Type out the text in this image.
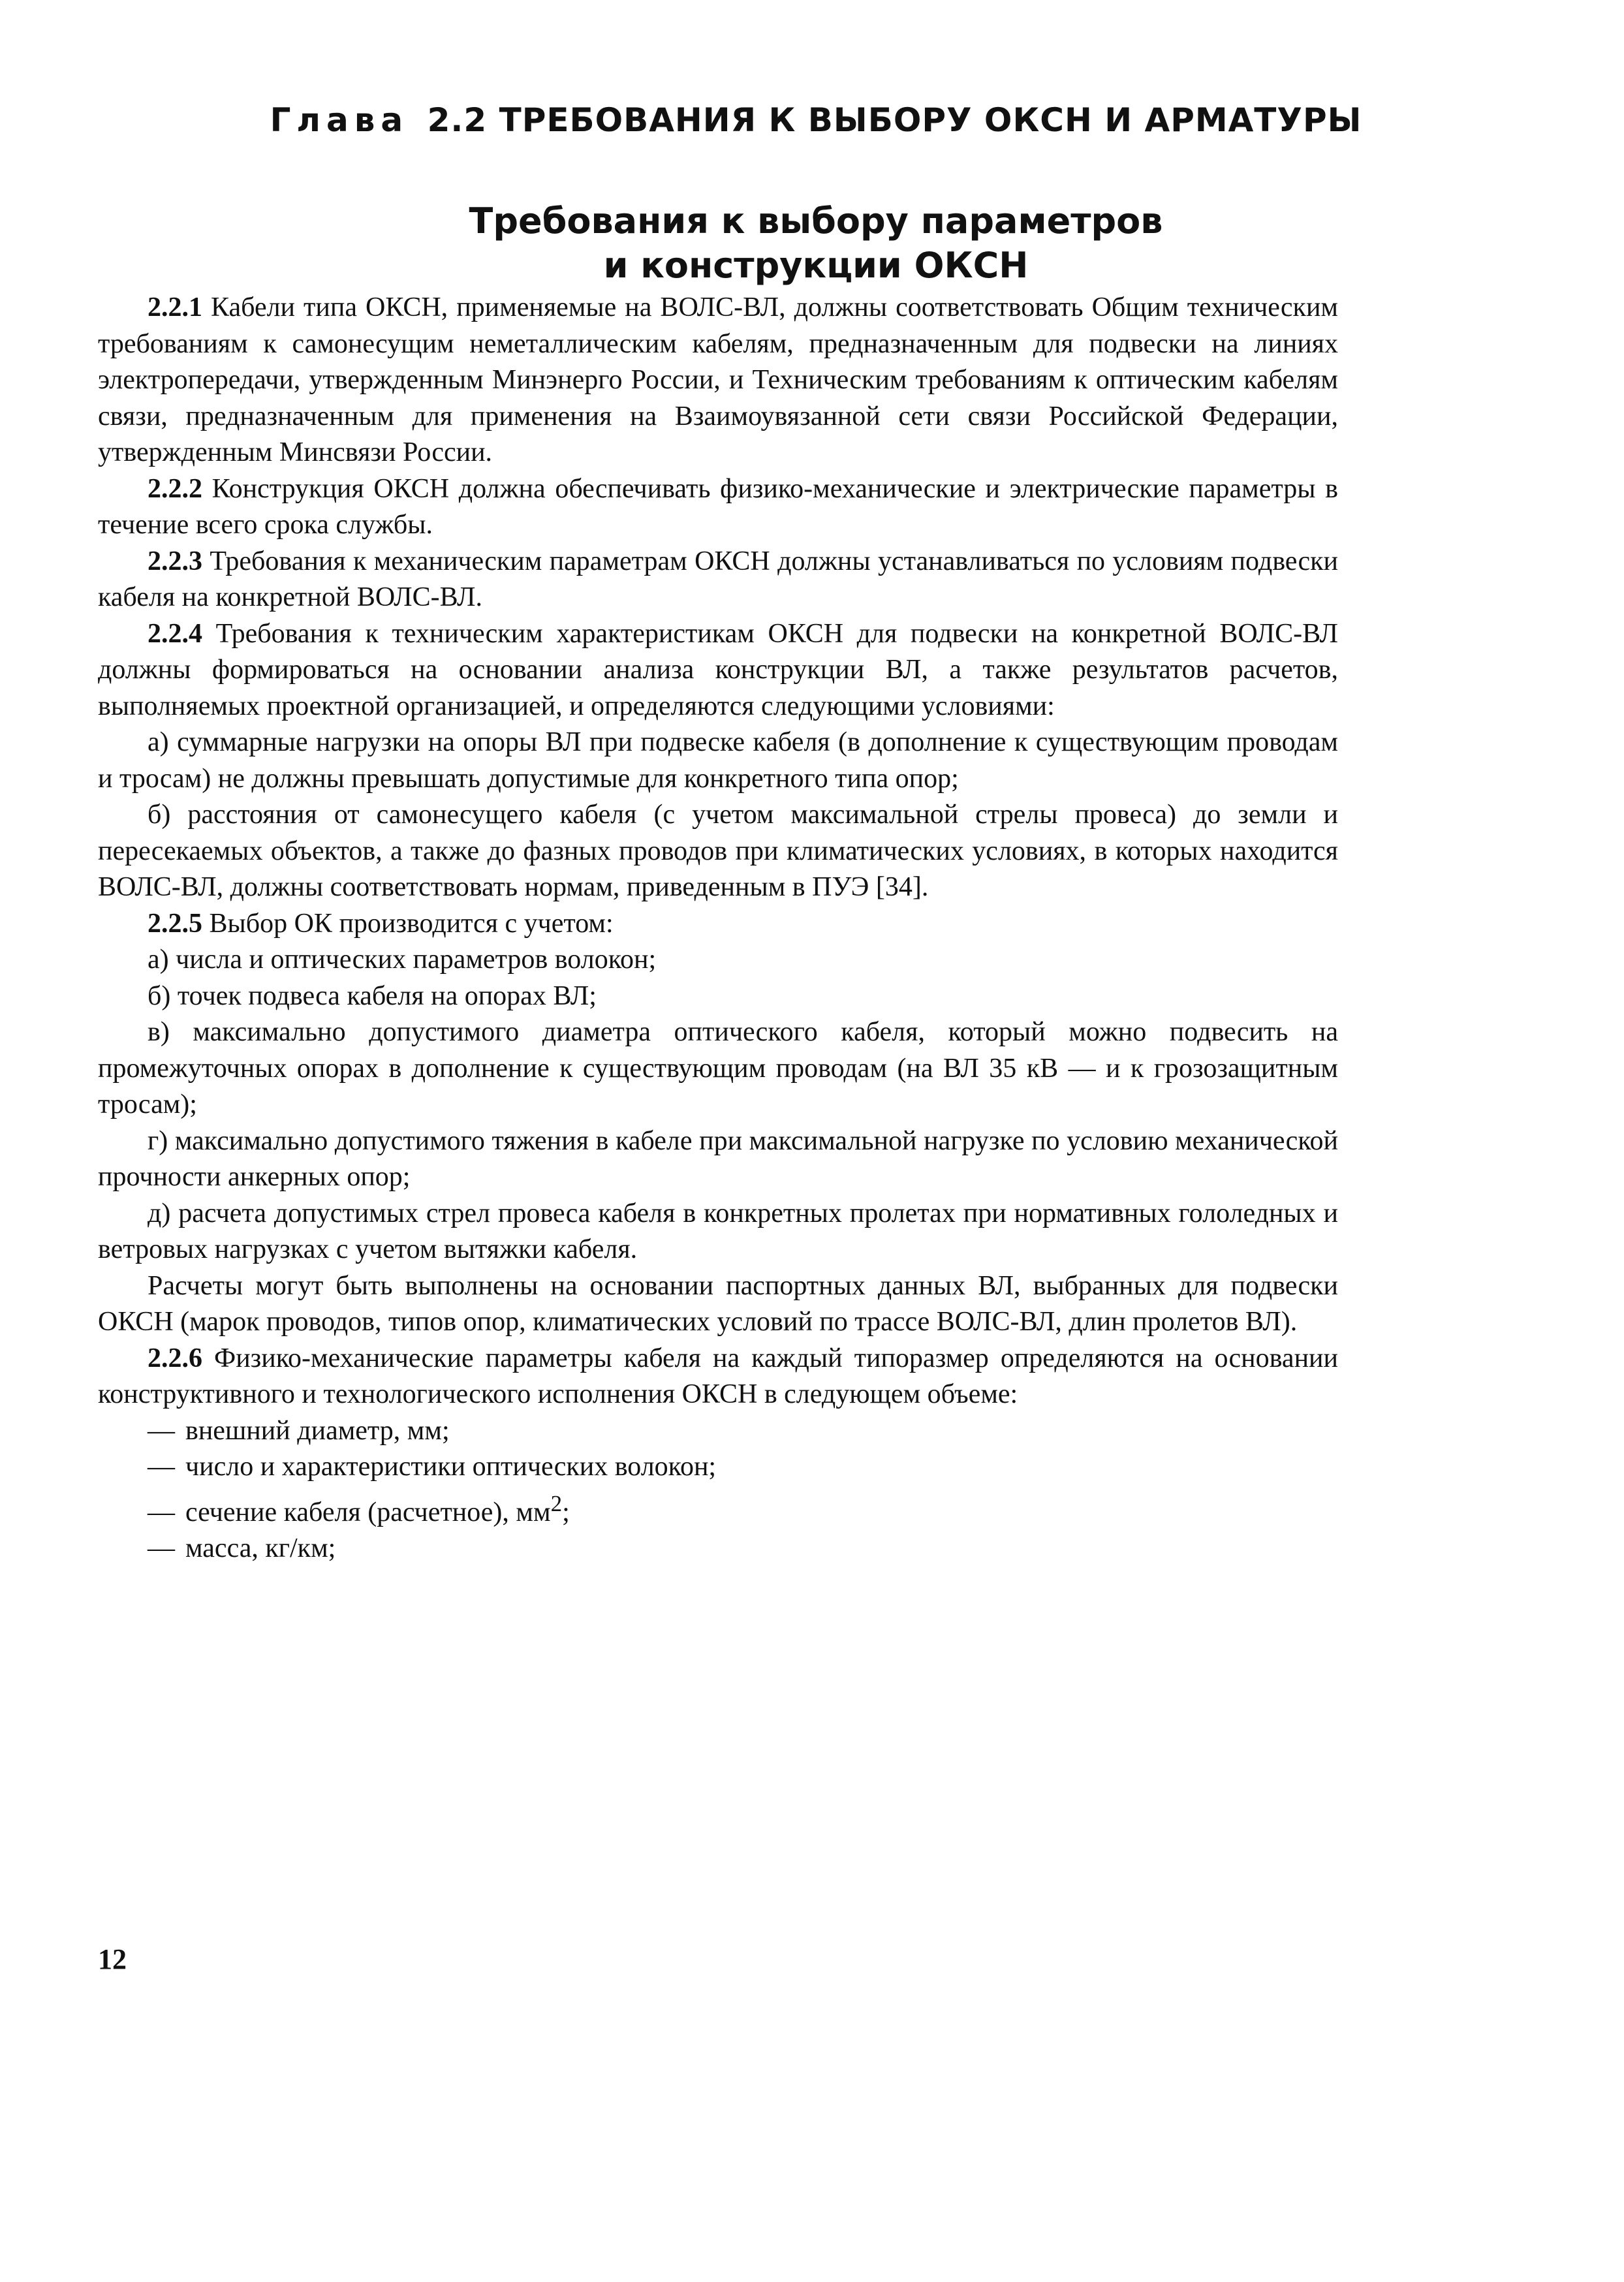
Глава 2.2 ТРЕБОВАНИЯ К ВЫБОРУ ОКСН И АРМАТУРЫ
Требования к выбору параметров
и конструкции ОКСН

2.2.1 Кабели типа ОКСН, применяемые на ВОЛС-ВЛ, должны соответствовать Общим техническим требованиям к самонесущим неметаллическим кабелям, предназначенным для подвески на линиях электропередачи, утвержденным Минэнерго России, и Техническим требованиям к оптическим кабелям связи, предназначенным для применения на Взаимоувязанной сети связи Российской Федерации, утвержденным Минсвязи России.

2.2.2 Конструкция ОКСН должна обеспечивать физико-механические и электрические параметры в течение всего срока службы.

2.2.3 Требования к механическим параметрам ОКСН должны устанавливаться по условиям подвески кабеля на конкретной ВОЛС-ВЛ.

2.2.4 Требования к техническим характеристикам ОКСН для подвески на конкретной ВОЛС-ВЛ должны формироваться на основании анализа конструкции ВЛ, а также результатов расчетов, выполняемых проектной организацией, и определяются следующими условиями:

а) суммарные нагрузки на опоры ВЛ при подвеске кабеля (в дополнение к существующим проводам и тросам) не должны превышать допустимые для конкретного типа опор;

б) расстояния от самонесущего кабеля (с учетом максимальной стрелы провеса) до земли и пересекаемых объектов, а также до фазных проводов при климатических условиях, в которых находится ВОЛС-ВЛ, должны соответствовать нормам, приведенным в ПУЭ [34].

2.2.5 Выбор ОК производится с учетом:

а) числа и оптических параметров волокон;

б) точек подвеса кабеля на опорах ВЛ;

в) максимально допустимого диаметра оптического кабеля, который можно подвесить на промежуточных опорах в дополнение к существующим проводам (на ВЛ 35 кВ — и к грозозащитным тросам);

г) максимально допустимого тяжения в кабеле при максимальной нагрузке по условию механической прочности анкерных опор;

д) расчета допустимых стрел провеса кабеля в конкретных пролетах при нормативных гололедных и ветровых нагрузках с учетом вытяжки кабеля.

Расчеты могут быть выполнены на основании паспортных данных ВЛ, выбранных для подвески ОКСН (марок проводов, типов опор, климатических условий по трассе ВОЛС-ВЛ, длин пролетов ВЛ).

2.2.6 Физико-механические параметры кабеля на каждый типоразмер определяются на основании конструктивного и технологического исполнения ОКСН в следующем объеме:

— внешний диаметр, мм;
— число и характеристики оптических волокон;
— сечение кабеля (расчетное), $мм^2$;
— масса, кг/км;
12
